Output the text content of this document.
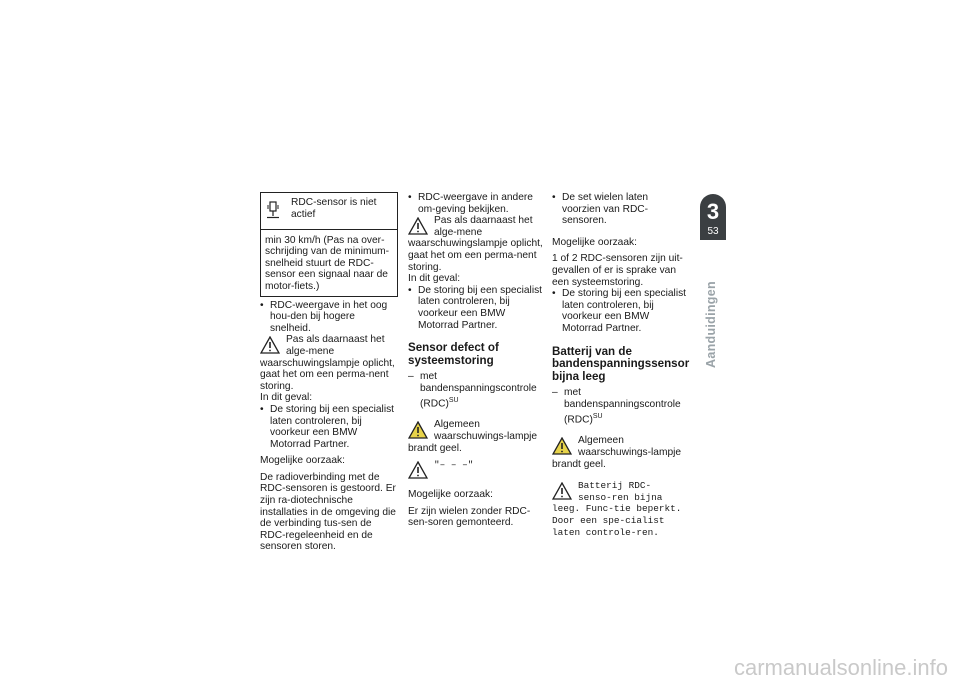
RDC-sensor is niet actief
min 30 km/h (Pas na over-schrijding van de minimum-snelheid stuurt de RDC-sensor een signaal naar de motor-fiets.)

• RDC-weergave in het oog hou-den bij hogere snelheid.

Pas als daarnaast het alge-mene waarschuwingslampje oplicht, gaat het om een perma-nent storing.

In dit geval:

• De storing bij een specialist laten controleren, bij voorkeur een BMW Motorrad Partner.

Mogelijke oorzaak:

De radioverbinding met de RDC-sensoren is gestoord. Er zijn ra-diotechnische installaties in de omgeving die de verbinding tus-sen de RDC-regeleenheid en de sensoren storen.

• RDC-weergave in andere om-geving bekijken.

Pas als daarnaast het alge-mene waarschuwingslampje oplicht, gaat het om een perma-nent storing.

In dit geval:

• De storing bij een specialist laten controleren, bij voorkeur een BMW Motorrad Partner.

Sensor defect of systeemstoring

– met bandenspanningscontrole (RDC)$^{SU}$

Algemeen waarschuwings-lampje brandt geel.
"– – –"

Mogelijke oorzaak:

Er zijn wielen zonder RDC-sen-soren gemonteerd.

• De set wielen laten voorzien van RDC-sensoren.

Mogelijke oorzaak:

1 of 2 RDC-sensoren zijn uit-gevallen of er is sprake van een systeemstoring.

• De storing bij een specialist laten controleren, bij voorkeur een BMW Motorrad Partner.

Batterij van de bandenspanningssensor bijna leeg

– met bandenspanningscontrole (RDC)$^{SU}$

Algemeen waarschuwings-lampje brandt geel.
Batterij RDC- senso-ren bijna leeg. Func-tie beperkt. Door een spe-cialist laten controle-ren.
3
53
Aanduidingen
carmanualsonline.info
